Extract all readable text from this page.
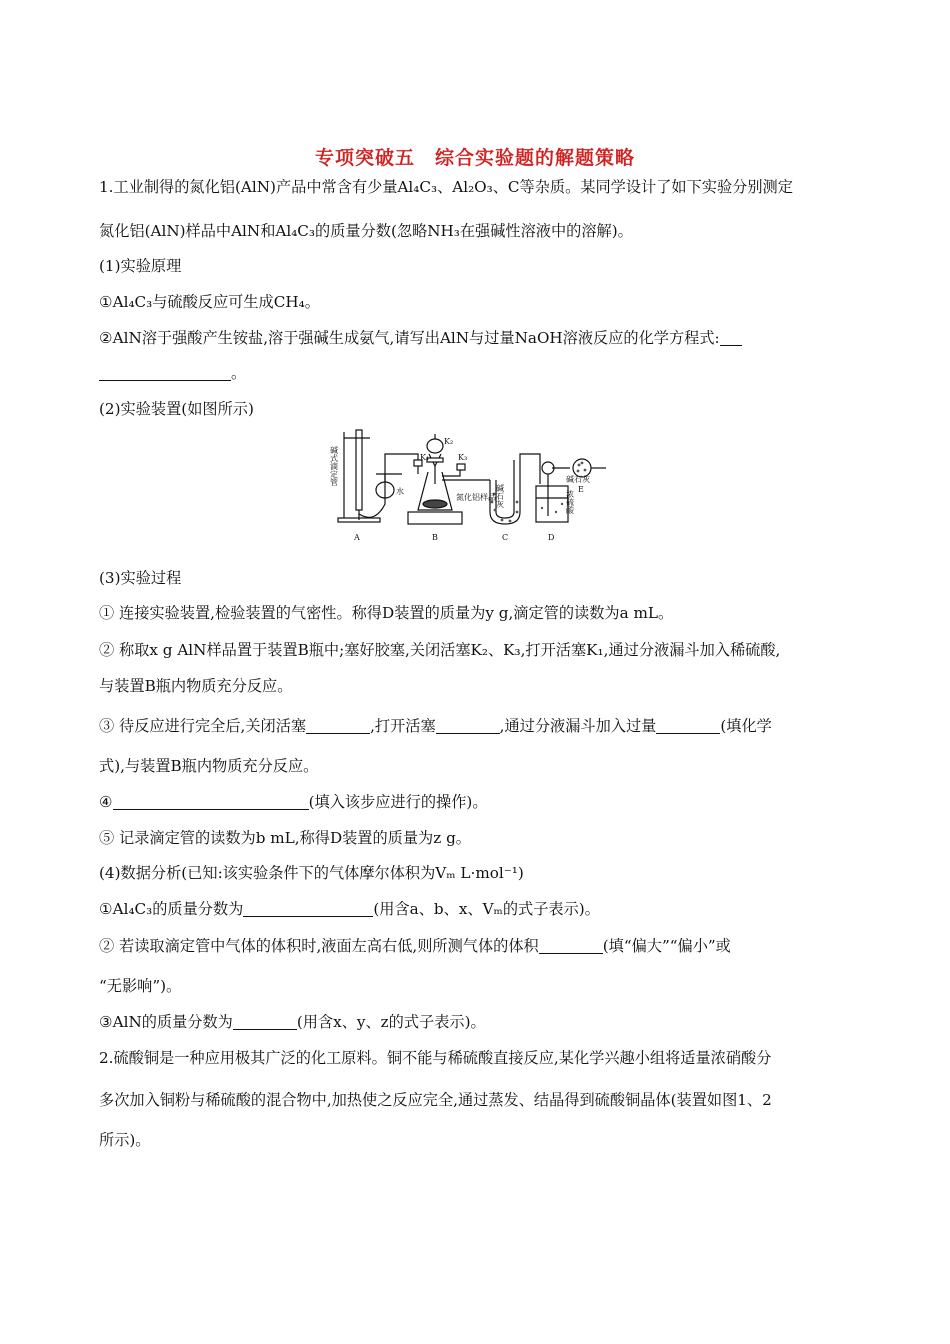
专项突破五　综合实验题的解题策略
1.工业制得的氮化铝(AlN)产品中常含有少量Al₄C₃、Al₂O₃、C等杂质。某同学设计了如下实验分别测定
氮化铝(AlN)样品中AlN和Al₄C₃的质量分数(忽略NH₃在强碱性溶液中的溶解)。
(1)实验原理
①Al₄C₃与硫酸反应可生成CH₄。
②AlN溶于强酸产生铵盐,溶于强碱生成氨气,请写出AlN与过量NaOH溶液反应的化学方程式:
。
(2)实验装置(如图所示)
碱式滴定管
水
K₁
K₂
K₃
氮化铝样品 碱石灰	浓硫酸
碱石灰
E
A	B	C	D
(3)实验过程
① 连接实验装置,检验装置的气密性。称得D装置的质量为y g,滴定管的读数为a mL。
② 称取x g AlN样品置于装置B瓶中;塞好胶塞,关闭活塞K₂、K₃,打开活塞K₁,通过分液漏斗加入稀硫酸,
与装置B瓶内物质充分反应。
③ 待反应进行完全后,关闭活塞	,打开活塞	,通过分液漏斗加入过量	(填化学
式),与装置B瓶内物质充分反应。
④	(填入该步应进行的操作)。
⑤ 记录滴定管的读数为b mL,称得D装置的质量为z g。
(4)数据分析(已知:该实验条件下的气体摩尔体积为Vₘ L·mol⁻¹)
①Al₄C₃的质量分数为	(用含a、b、x、Vₘ的式子表示)。
② 若读取滴定管中气体的体积时,液面左高右低,则所测气体的体积	(填“偏大”“偏小”或
“无影响”)。
③AlN的质量分数为	(用含x、y、z的式子表示)。
2.硫酸铜是一种应用极其广泛的化工原料。铜不能与稀硫酸直接反应,某化学兴趣小组将适量浓硝酸分
多次加入铜粉与稀硫酸的混合物中,加热使之反应完全,通过蒸发、结晶得到硫酸铜晶体(装置如图1、2
所示)。
